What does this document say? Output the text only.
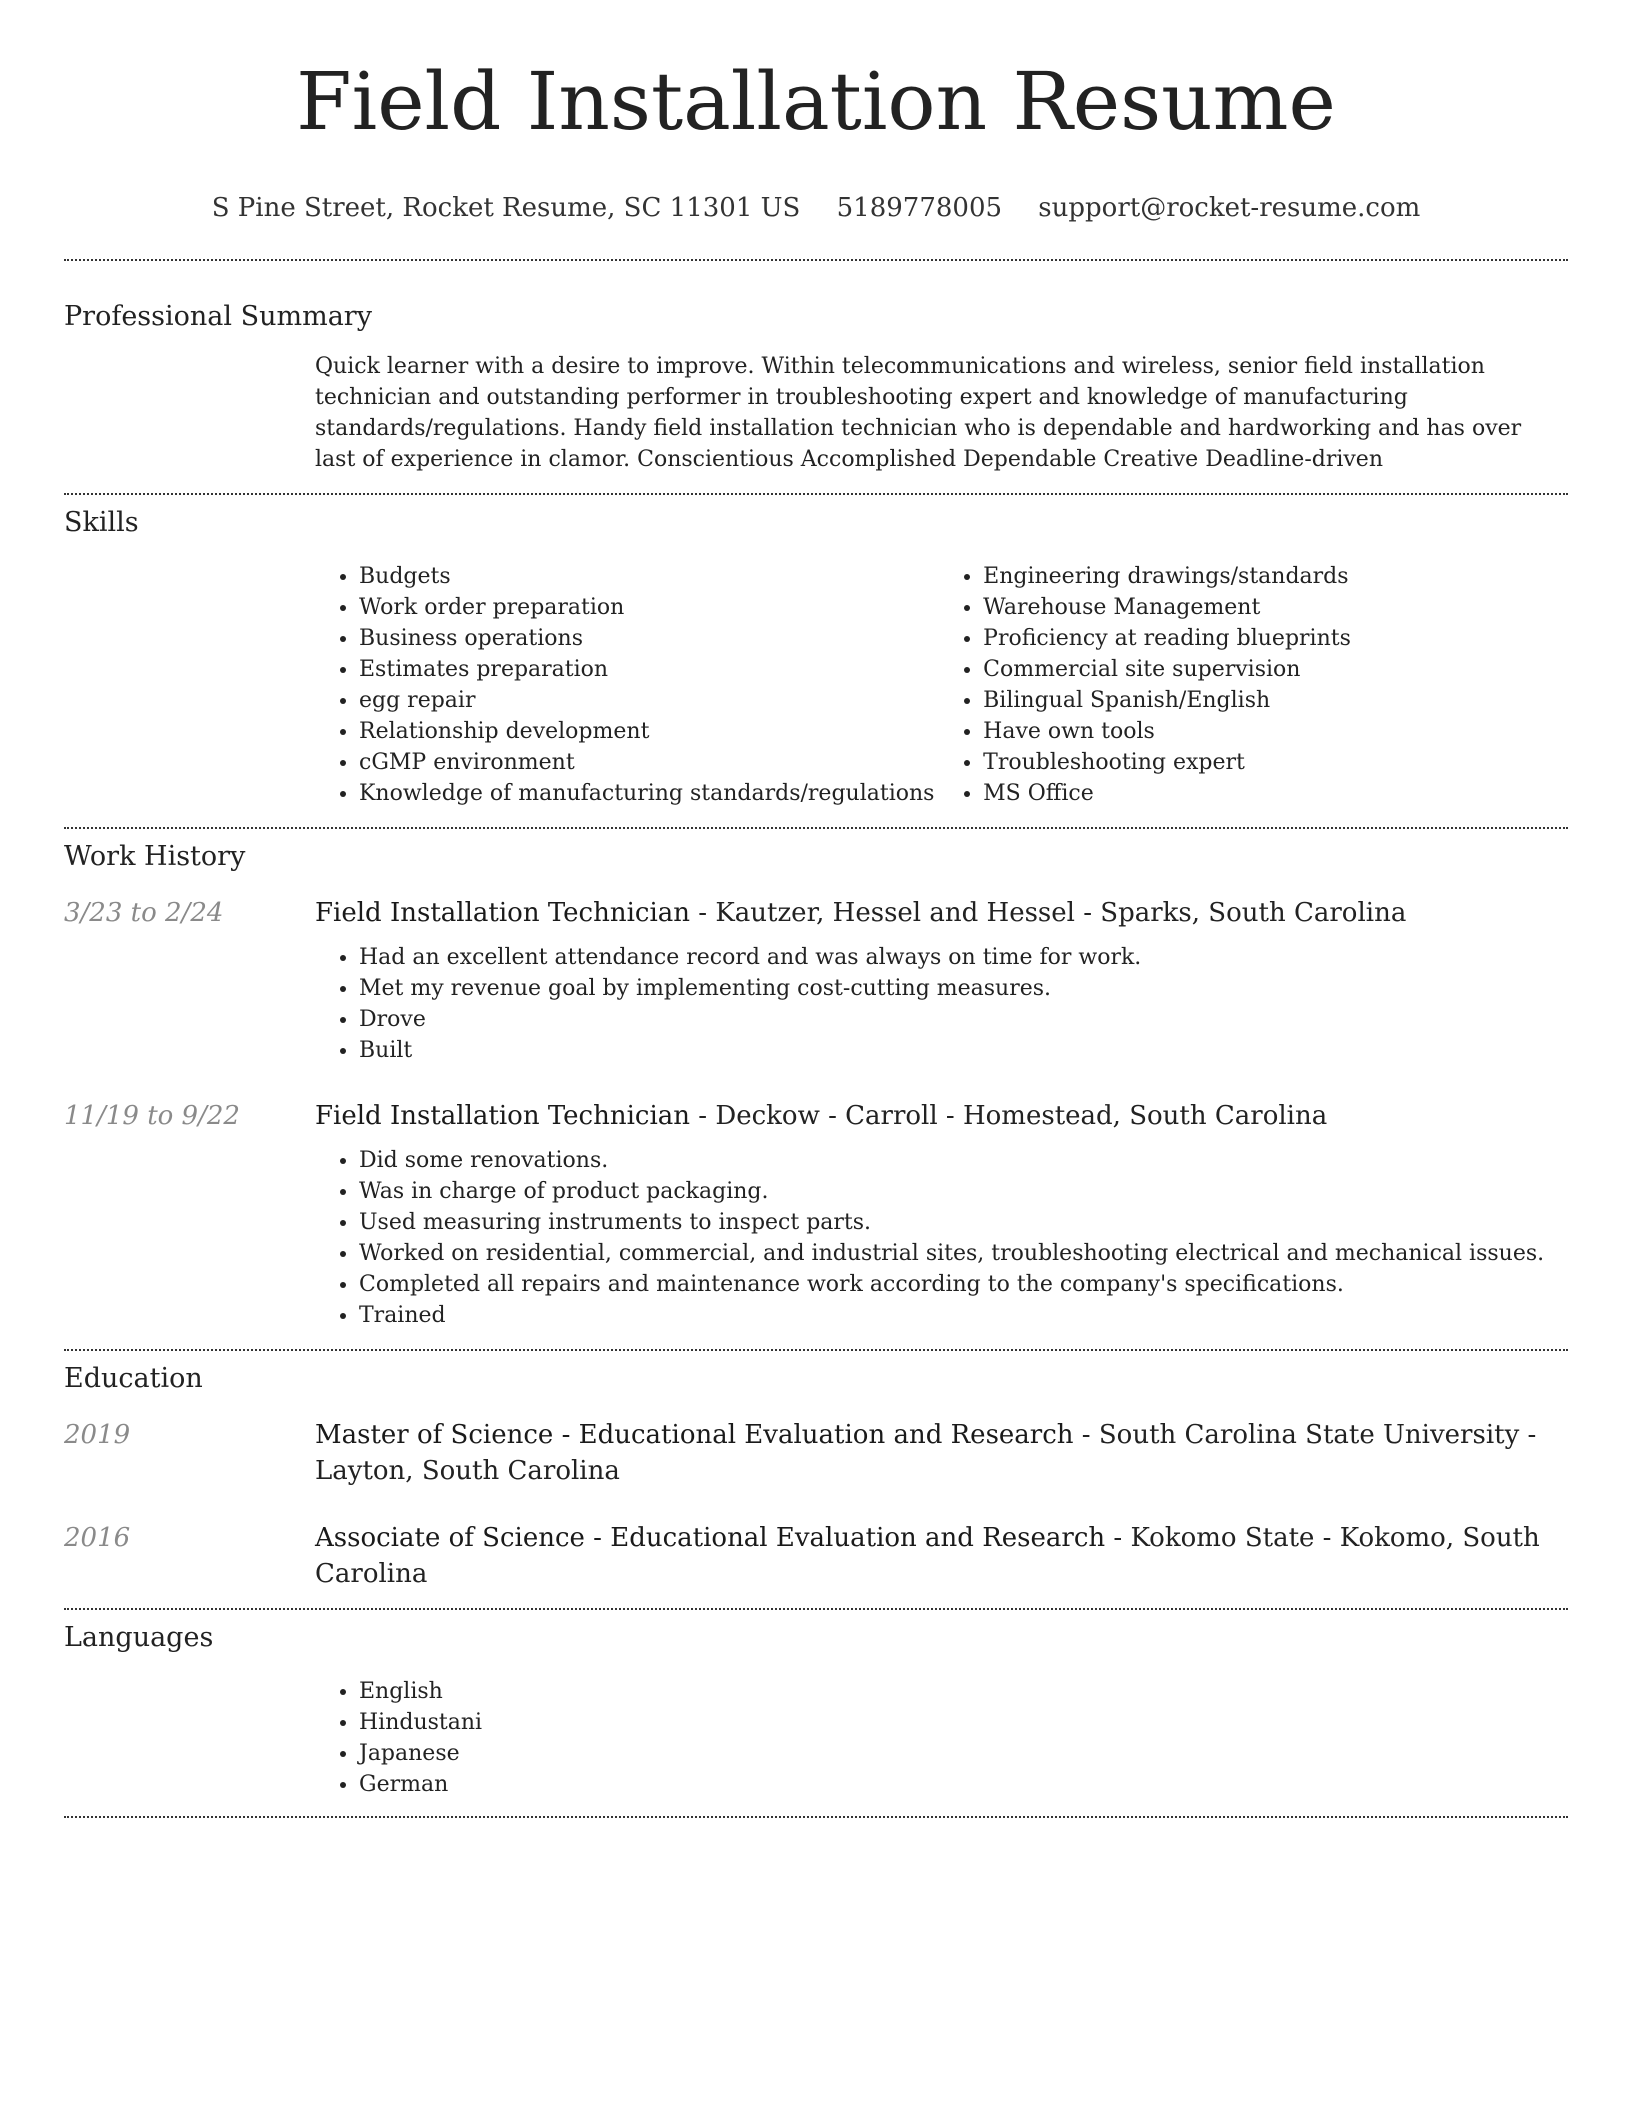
Field Installation Resume
S Pine Street, Rocket Resume, SC 11301 US 5189778005 support@rocket-resume.com
Professional Summary
Quick learner with a desire to improve. Within telecommunications and wireless, senior field installation technician and outstanding performer in troubleshooting expert and knowledge of manufacturing standards/regulations. Handy field installation technician who is dependable and hardworking and has over last of experience in clamor. Conscientious Accomplished Dependable Creative Deadline-driven
Skills
• Budgets
• Work order preparation
• Business operations
• Estimates preparation
• egg repair
• Relationship development
• cGMP environment
• Knowledge of manufacturing standards/regulations
• Engineering drawings/standards
• Warehouse Management
• Proficiency at reading blueprints
• Commercial site supervision
• Bilingual Spanish/English
• Have own tools
• Troubleshooting expert
• MS Office
Work History
3/23 to 2/24	Field Installation Technician - Kautzer, Hessel and Hessel - Sparks, South Carolina
• Had an excellent attendance record and was always on time for work.
• Met my revenue goal by implementing cost-cutting measures.
• Drove
• Built
11/19 to 9/22	Field Installation Technician - Deckow - Carroll - Homestead, South Carolina
• Did some renovations.
• Was in charge of product packaging.
• Used measuring instruments to inspect parts.
• Worked on residential, commercial, and industrial sites, troubleshooting electrical and mechanical issues.
• Completed all repairs and maintenance work according to the company's specifications.
• Trained
Education
2019	Master of Science - Educational Evaluation and Research - South Carolina State University - Layton, South Carolina
2016	Associate of Science - Educational Evaluation and Research - Kokomo State - Kokomo, South Carolina
Languages
• English
• Hindustani
• Japanese
• German
